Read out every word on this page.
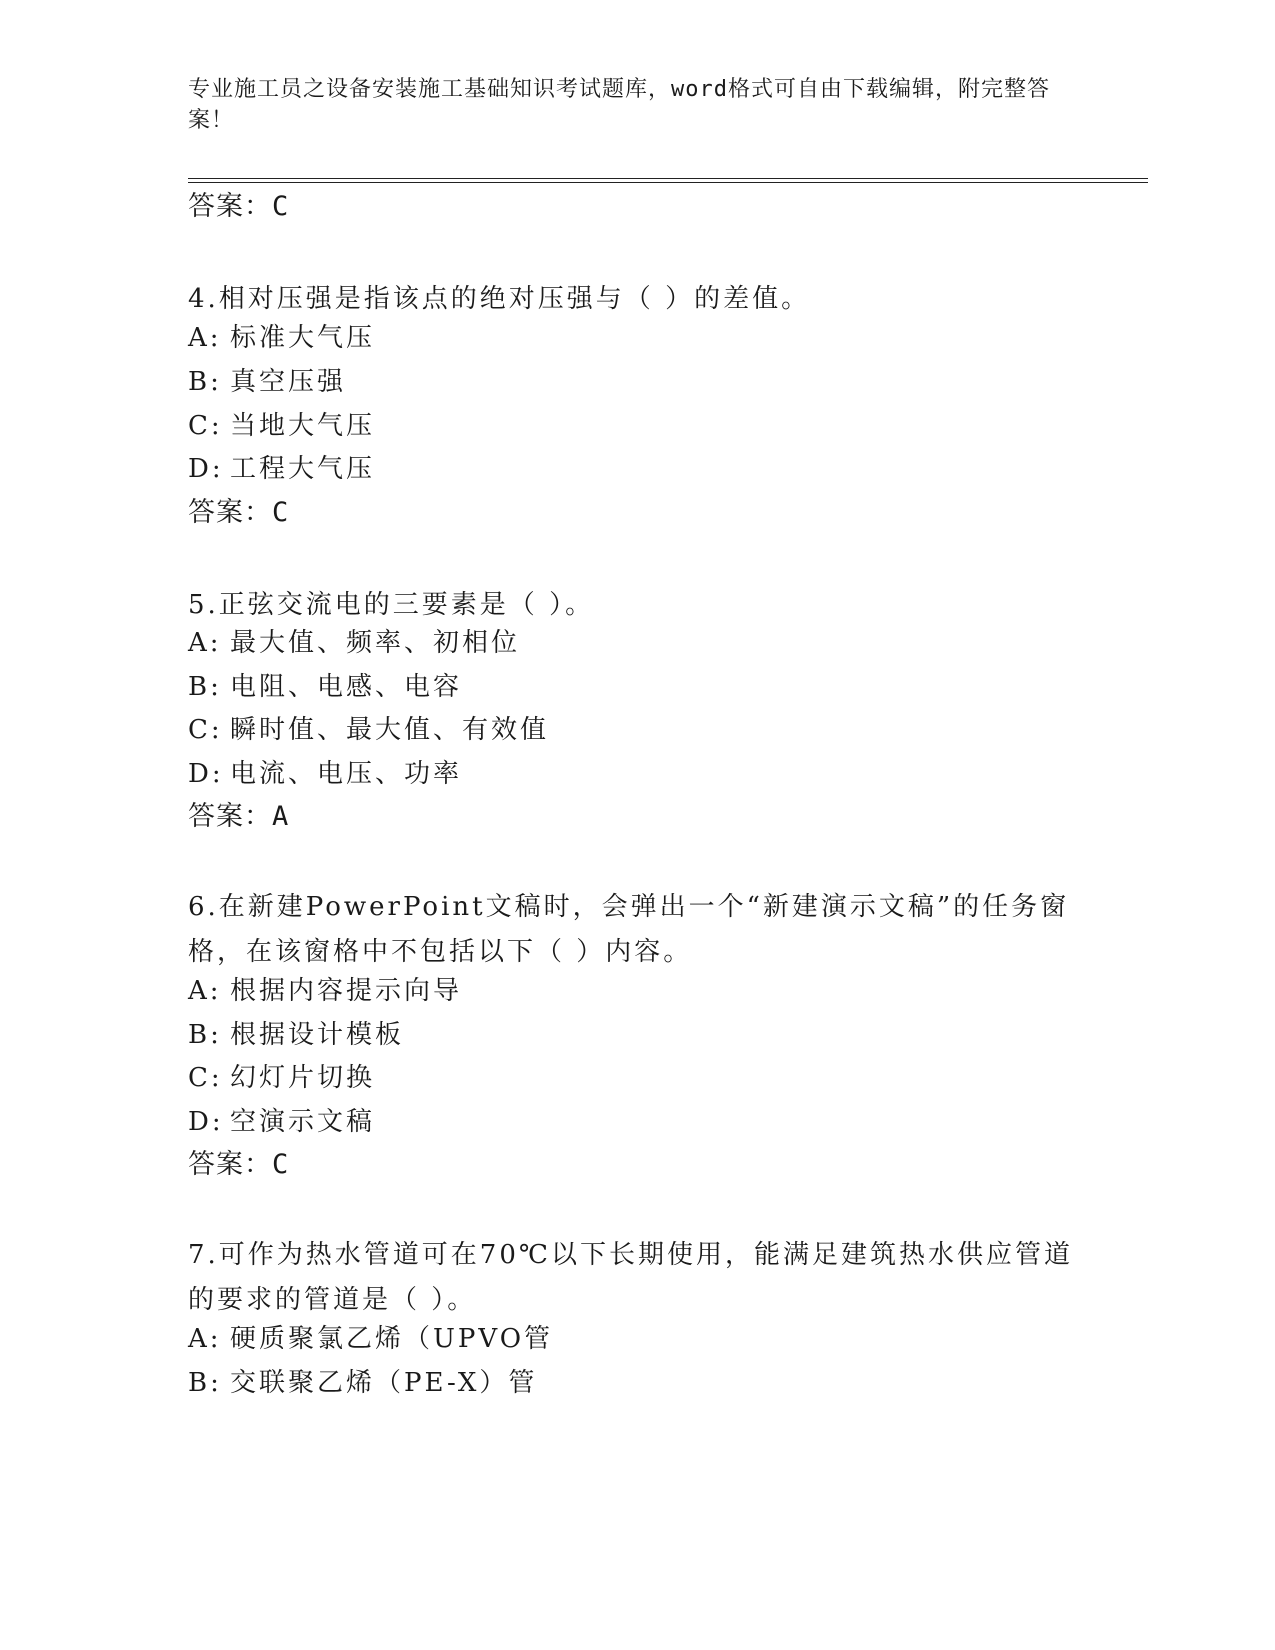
专业施工员之设备安装施工基础知识考试题库，word格式可自由下载编辑，附完整答案！
答案：C
4.相对压强是指该点的绝对压强与（ ）的差值。
A: 标准大气压
B: 真空压强
C: 当地大气压
D: 工程大气压
答案：C
5.正弦交流电的三要素是（ ）。
A: 最大值、频率、初相位
B: 电阻、电感、电容
C: 瞬时值、最大值、有效值
D: 电流、电压、功率
答案：A
6.在新建PowerPoint文稿时，会弹出一个“新建演示文稿”的任务窗格，在该窗格中不包括以下（ ）内容。
A: 根据内容提示向导
B: 根据设计模板
C: 幻灯片切换
D: 空演示文稿
答案：C
7.可作为热水管道可在70℃以下长期使用，能满足建筑热水供应管道的要求的管道是（ ）。
A: 硬质聚氯乙烯（UPVO管
B: 交联聚乙烯（PE-X）管
